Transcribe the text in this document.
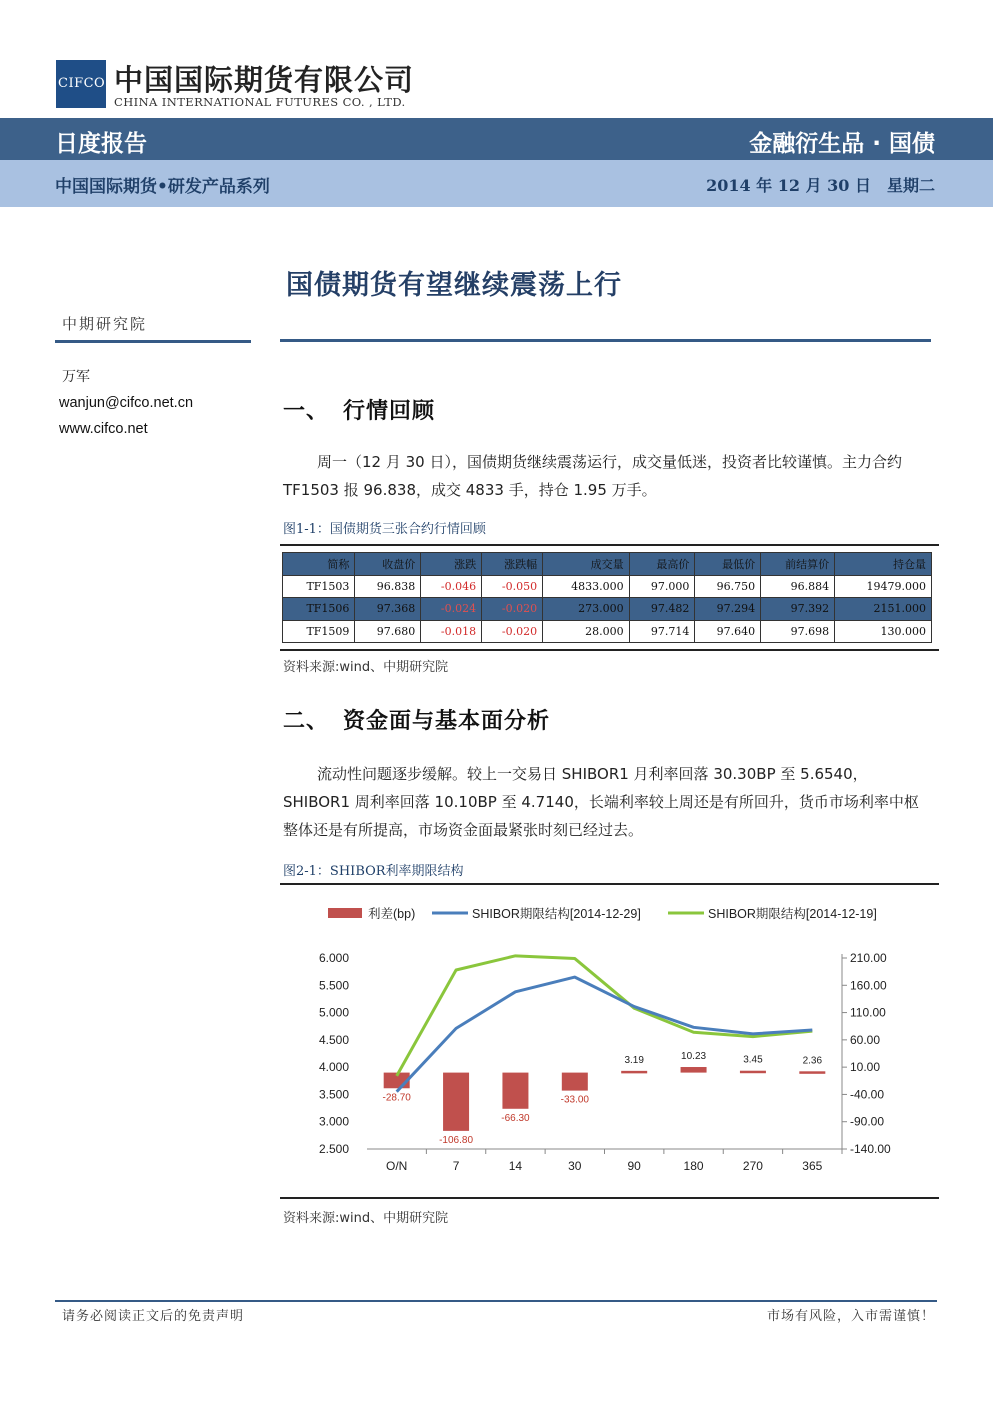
CIFCO 中国国际期货有限公司
CHINA INTERNATIONAL FUTURES CO. , LTD.
日度报告	金融衍生品 · 国债
中国国际期货•研发产品系列	2014 年 12 月 30 日　星期二
中期研究院
万军
wanjun@cifco.net.cn
www.cifco.net
国债期货有望继续震荡上行
一、 行情回顾
周一（12 月 30 日），国债期货继续震荡运行，成交量低迷，投资者比较谨慎。主力合约 TF1503 报 96.838，成交 4833 手，持仓 1.95 万手。
图1-1：国债期货三张合约行情回顾
简称	收盘价	涨跌	涨跌幅	成交量	最高价	最低价	前结算价	持仓量
TF1503	96.838	-0.046	-0.050	4833.000	97.000	96.750	96.884	19479.000
TF1506	97.368	-0.024	-0.020	273.000	97.482	97.294	97.392	2151.000
TF1509	97.680	-0.018	-0.020	28.000	97.714	97.640	97.698	130.000
资料来源:wind、中期研究院
二、 资金面与基本面分析
流动性问题逐步缓解。较上一交易日 SHIBOR1 月利率回落 30.30BP 至 5.6540，SHIBOR1 周利率回落 10.10BP 至 4.7140，长端利率较上周还是有所回升，货币市场利率中枢整体还是有所提高，市场资金面最紧张时刻已经过去。
图2-1：SHIBOR利率期限结构
利差(bp)	SHIBOR期限结构[2014-12-29]	SHIBOR期限结构[2014-12-19]
6.000
5.500
5.000
4.500
4.000
3.500
3.000
2.500
210.00
160.00
110.00
60.00
10.00
-40.00
-90.00
-140.00
O/N	7	14	30	90	180	270	365
-28.70
-106.80
-66.30
-33.00
3.19	10.23	3.45	2.36
资料来源:wind、中期研究院
请务必阅读正文后的免责声明	市场有风险，入市需谨慎！
